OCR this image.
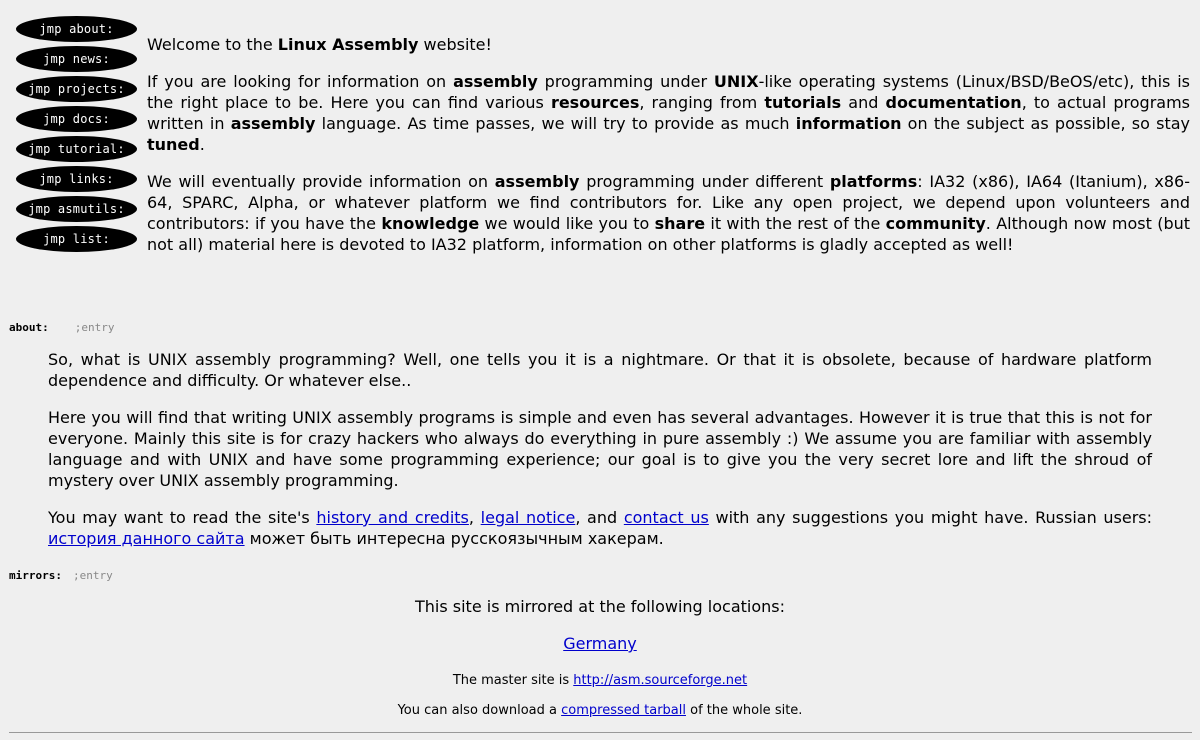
jmp about:
jmp news:
jmp projects:
jmp docs:
jmp tutorial:
jmp links:
jmp asmutils:
jmp list:

Welcome to the Linux Assembly website!

If you are looking for information on assembly programming under UNIX-like operating systems (Linux/BSD/BeOS/etc), this is the right place to be. Here you can find various resources, ranging from tutorials and documentation, to actual programs written in assembly language. As time passes, we will try to provide as much information on the subject as possible, so stay tuned.

We will eventually provide information on assembly programming under different platforms: IA32 (x86), IA64 (Itanium), x86-64, SPARC, Alpha, or whatever platform we find contributors for. Like any open project, we depend upon volunteers and contributors: if you have the knowledge we would like you to share it with the rest of the community. Although now most (but not all) material here is devoted to IA32 platform, information on other platforms is gladly accepted as well!

about: ;entry

So, what is UNIX assembly programming? Well, one tells you it is a nightmare. Or that it is obsolete, because of hardware platform dependence and difficulty. Or whatever else..

Here you will find that writing UNIX assembly programs is simple and even has several advantages. However it is true that this is not for everyone. Mainly this site is for crazy hackers who always do everything in pure assembly :) We assume you are familiar with assembly language and with UNIX and have some programming experience; our goal is to give you the very secret lore and lift the shroud of mystery over UNIX assembly programming.

You may want to read the site's history and credits, legal notice, and contact us with any suggestions you might have. Russian users: история данного сайта может быть интересна русскоязычным хакерам.

mirrors: ;entry

This site is mirrored at the following locations:

Germany

The master site is http://asm.sourceforge.net

You can also download a compressed tarball of the whole site.
